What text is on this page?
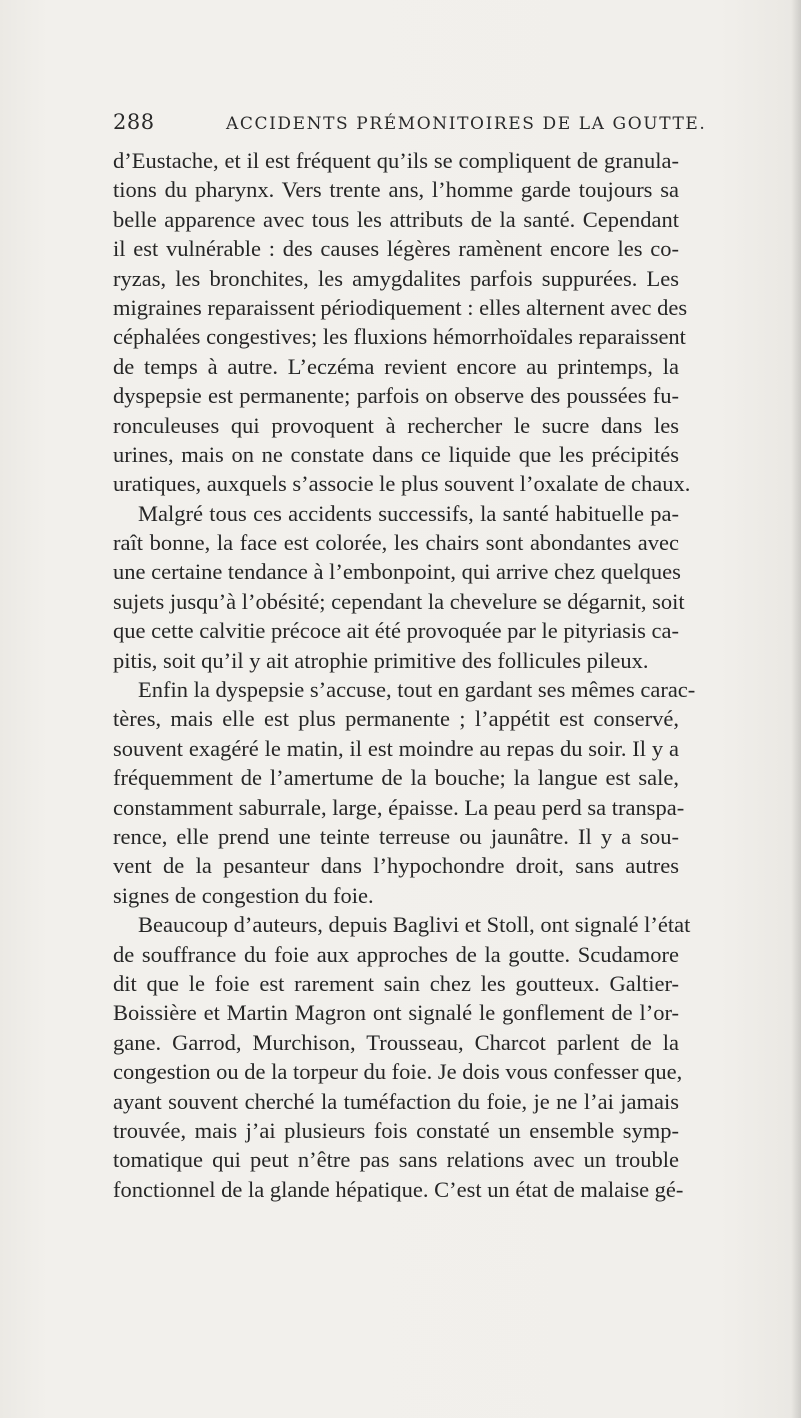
288	ACCIDENTS PRÉMONITOIRES DE LA GOUTTE.
d’Eustache, et il est fréquent qu’ils se compliquent de granula-
tions du pharynx. Vers trente ans, l’homme garde toujours sa
belle apparence avec tous les attributs de la santé. Cependant
il est vulnérable : des causes légères ramènent encore les co-
ryzas, les bronchites, les amygdalites parfois suppurées. Les
migraines reparaissent périodiquement : elles alternent avec des
céphalées congestives; les fluxions hémorrhoïdales reparaissent
de temps à autre. L’eczéma revient encore au printemps, la
dyspepsie est permanente; parfois on observe des poussées fu-
ronculeuses qui provoquent à rechercher le sucre dans les
urines, mais on ne constate dans ce liquide que les précipités
uratiques, auxquels s’associe le plus souvent l’oxalate de chaux.
Malgré tous ces accidents successifs, la santé habituelle pa-
raît bonne, la face est colorée, les chairs sont abondantes avec
une certaine tendance à l’embonpoint, qui arrive chez quelques
sujets jusqu’à l’obésité; cependant la chevelure se dégarnit, soit
que cette calvitie précoce ait été provoquée par le pityriasis ca-
pitis, soit qu’il y ait atrophie primitive des follicules pileux.
Enfin la dyspepsie s’accuse, tout en gardant ses mêmes carac-
tères, mais elle est plus permanente ; l’appétit est conservé,
souvent exagéré le matin, il est moindre au repas du soir. Il y a
fréquemment de l’amertume de la bouche; la langue est sale,
constamment saburrale, large, épaisse. La peau perd sa transpa-
rence, elle prend une teinte terreuse ou jaunâtre. Il y a sou-
vent de la pesanteur dans l’hypochondre droit, sans autres
signes de congestion du foie.
Beaucoup d’auteurs, depuis Baglivi et Stoll, ont signalé l’état
de souffrance du foie aux approches de la goutte. Scudamore
dit que le foie est rarement sain chez les goutteux. Galtier-
Boissière et Martin Magron ont signalé le gonflement de l’or-
gane. Garrod, Murchison, Trousseau, Charcot parlent de la
congestion ou de la torpeur du foie. Je dois vous confesser que,
ayant souvent cherché la tuméfaction du foie, je ne l’ai jamais
trouvée, mais j’ai plusieurs fois constaté un ensemble symp-
tomatique qui peut n’être pas sans relations avec un trouble
fonctionnel de la glande hépatique. C’est un état de malaise gé-
